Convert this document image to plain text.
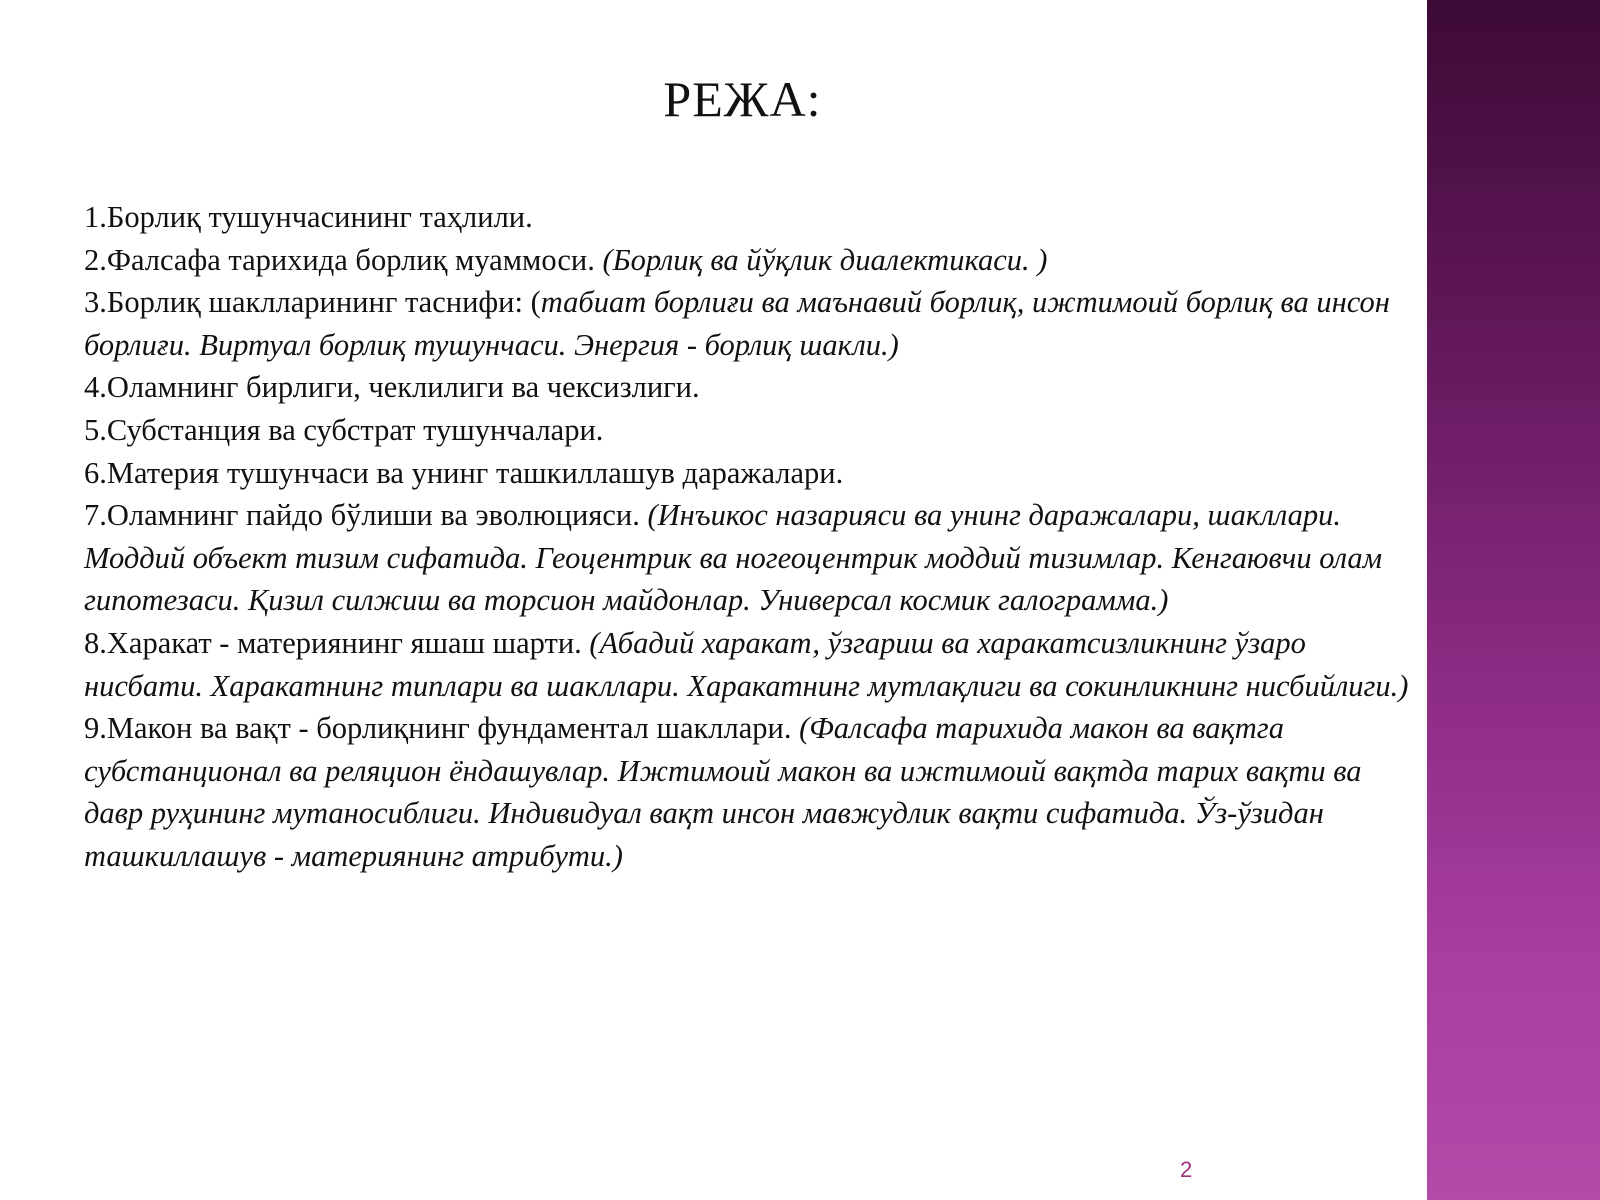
РЕЖА:

1.Борлиқ тушунчасининг таҳлили.

2.Фалсафа тарихида борлиқ муаммоси. (Борлиқ ва йўқлик диалектикаси. )

3.Борлиқ шаклларининг таснифи: (табиат борлиғи ва маънавий борлиқ, ижтимоий борлиқ ва инсон борлиғи. Виртуал борлиқ тушунчаси. Энергия - борлиқ шакли.)

4.Оламнинг бирлиги, чеклилиги ва чексизлиги.

5.Субстанция ва субстрат тушунчалари.

6.Материя тушунчаси ва унинг ташкиллашув даражалари.

7.Оламнинг пайдо бўлиши ва эволюцияси. (Инъикос назарияси ва унинг даражалари, шакллари. Моддий объект тизим сифатида. Геоцентрик ва ногеоцентрик моддий тизимлар. Кенгаювчи олам гипотезаси. Қизил силжиш ва торсион майдонлар. Универсал космик галограмма.)

8.Харакат - материянинг яшаш шарти. (Абадий харакат, ўзгариш ва харакатсизликнинг ўзаро нисбати. Харакатнинг типлари ва шакллари. Харакатнинг мутлақлиги ва сокинликнинг нисбийлиги.)

9.Макон ва вақт - борлиқнинг фундаментал шакллари. (Фалсафа тарихида макон ва вақтга субстанционал ва реляцион ёндашувлар. Ижтимоий макон ва ижтимоий вақтда тарих вақти ва давр руҳининг мутаносиблиги. Индивидуал вақт инсон мавжудлик вақти сифатида. Ўз-ўзидан ташкиллашув - материянинг атрибути.)

2
